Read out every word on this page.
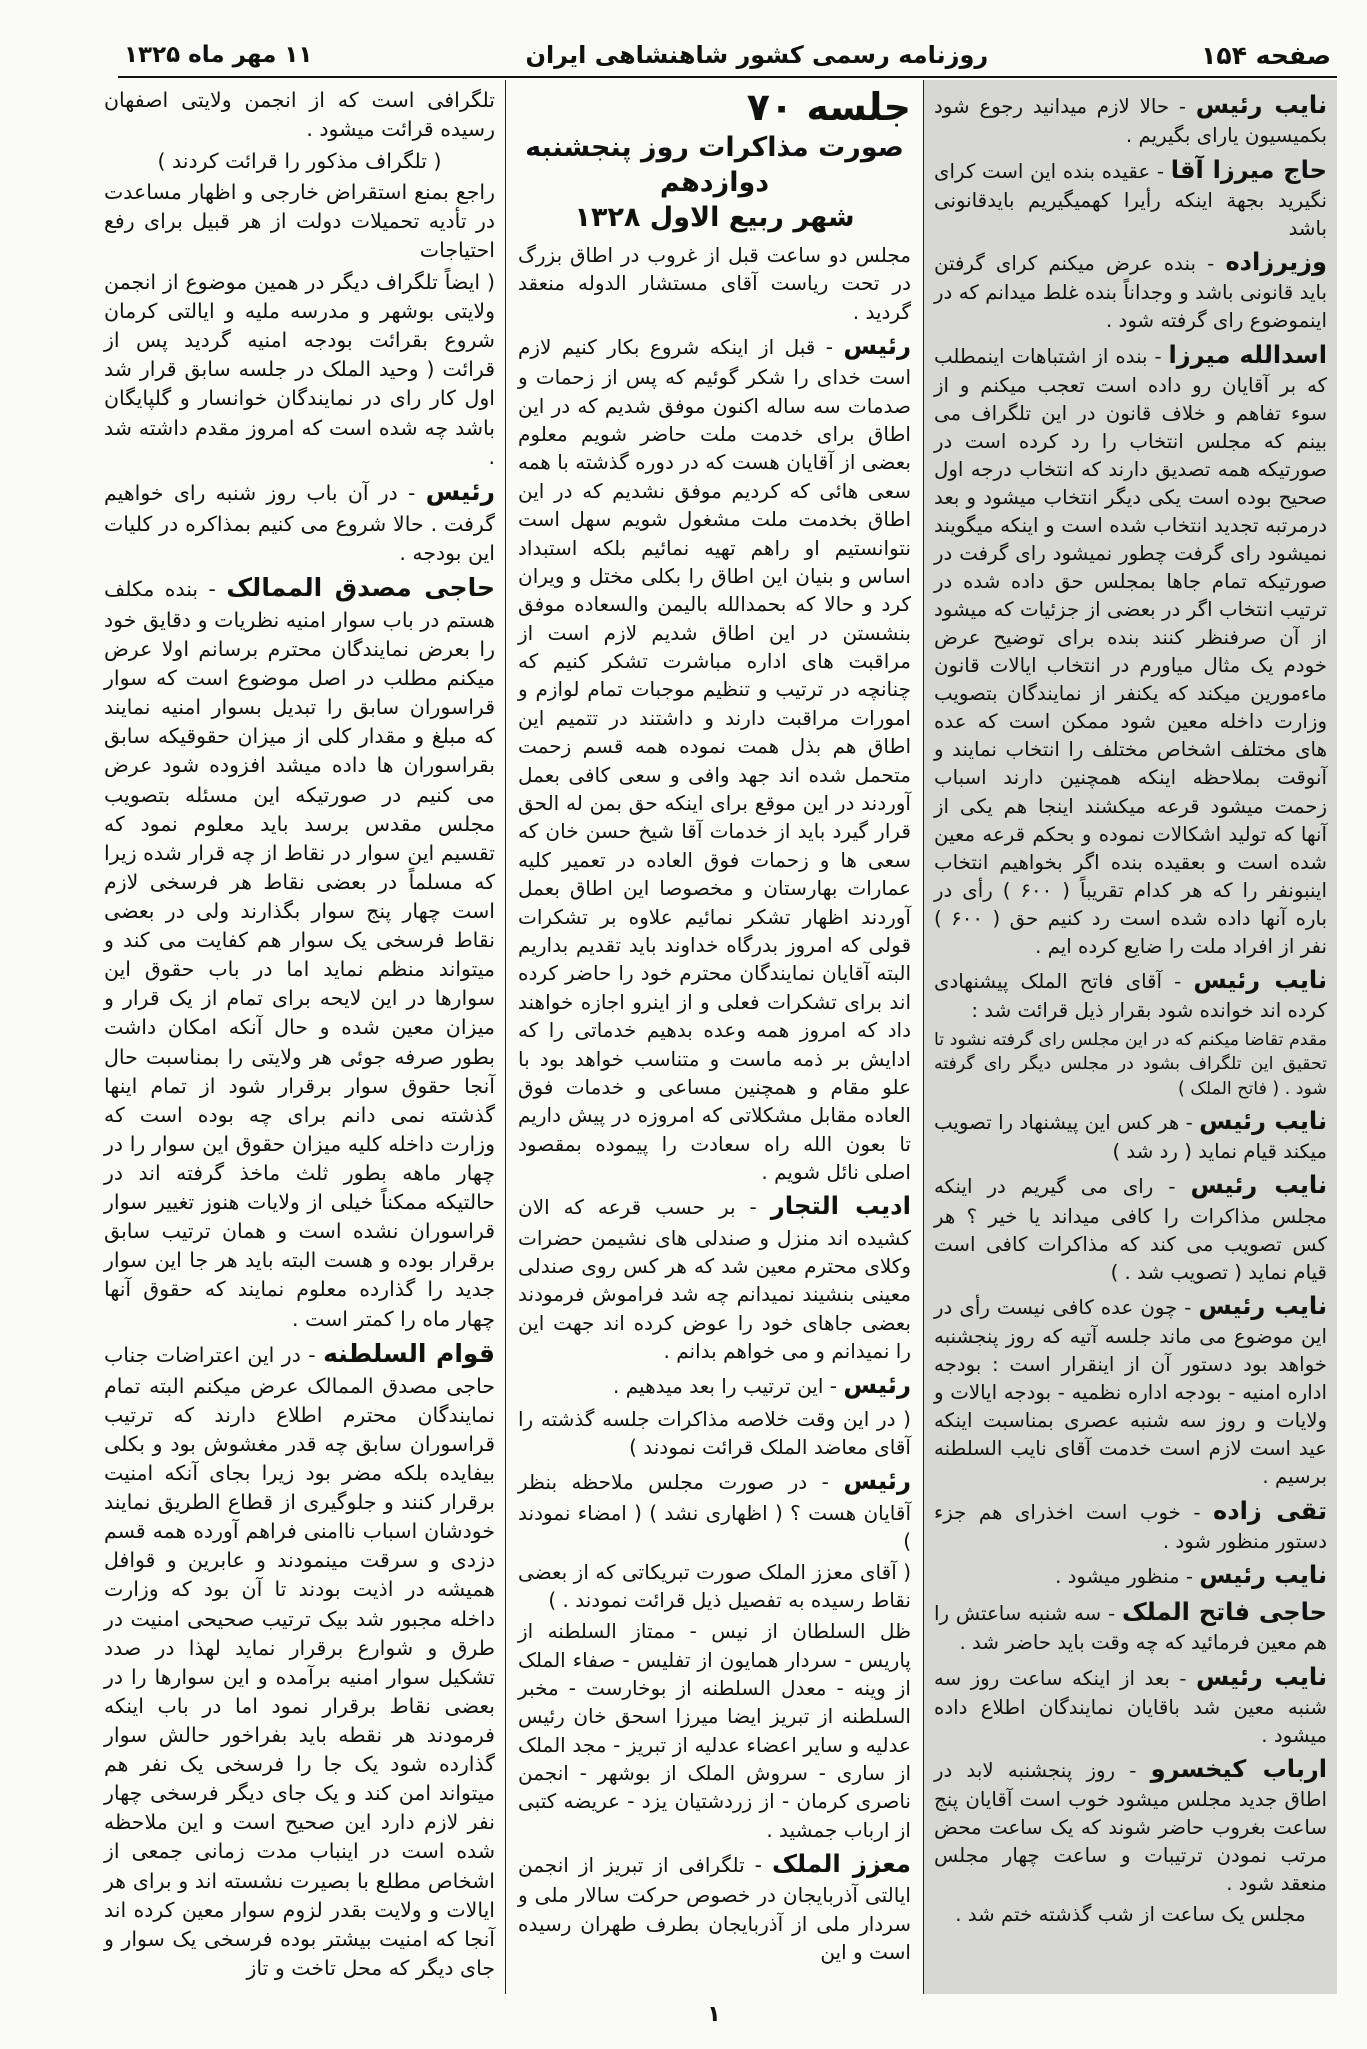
صفحه ۱۵۴
روزنامه رسمی کشور شاهنشاهی ایران
۱۱ مهر ماه ۱۳۲۵

نایب رئیس - حالا لازم میدانید رجوع شود بکمیسیون یارای بگیریم .

حاج میرزا آقا - عقیده بنده این است کرای نگیرید بجهة اینکه رأیرا کهمیگیریم بایدقانونی باشد

وزیرزاده - بنده عرض میکنم کرای گرفتن باید قانونی باشد و وجداناً بنده غلط میدانم که در اینموضوع رای گرفته شود .

اسدالله میرزا - بنده از اشتباهات اینمطلب که بر آقایان رو داده است تعجب میکنم و از سوء تفاهم و خلاف قانون در این تلگراف می بینم که مجلس انتخاب را رد کرده است در صورتیکه همه تصدیق دارند که انتخاب درجه اول صحیح بوده است یکی دیگر انتخاب میشود و بعد درمرتبه تجدید انتخاب شده است و اینکه میگویند نمیشود رای گرفت چطور نمیشود رای گرفت در صورتیکه تمام جاها بمجلس حق داده شده در ترتیب انتخاب اگر در بعضی از جزئیات که میشود از آن صرفنظر کنند بنده برای توضیح عرض خودم یک مثال میاورم در انتخاب ایالات قانون ماءمورین میکند که یکنفر از نمایندگان بتصویب وزارت داخله معین شود ممکن است که عده های مختلف اشخاص مختلف را انتخاب نمایند و آنوقت بملاحظه اینکه همچنین دارند اسباب زحمت میشود قرعه میکشند اینجا هم یکی از آنها که تولید اشکالات نموده و بحکم قرعه معین شده است و بعقیده بنده اگر بخواهیم انتخاب اینبونفر را که هر کدام تقریباً ( ۶۰۰ ) رأی در باره آنها داده شده است رد کنیم حق ( ۶۰۰ ) نفر از افراد ملت را ضایع کرده ایم .

نایب رئیس - آقای فاتح الملک پیشنهادی کرده اند خوانده شود بقرار ذیل قرائت شد :

مقدم تقاضا میکنم که در این مجلس رای گرفته نشود تا تحقیق این تلگراف بشود در مجلس دیگر رای گرفته شود . ( فاتح الملک )

نایب رئیس - هر کس این پیشنهاد را تصویب میکند قیام نماید ( رد شد )

نایب رئیس - رای می گیریم در اینکه مجلس مذاکرات را کافی میداند یا خیر ؟ هر کس تصویب می کند که مذاکرات کافی است قیام نماید ( تصویب شد . )

نایب رئیس - چون عده کافی نیست رأی در این موضوع می ماند جلسه آتیه که روز پنجشنبه خواهد بود دستور آن از اینقرار است : بودجه اداره امنیه - بودجه اداره نظمیه - بودجه ایالات و ولایات و روز سه شنبه عصری بمناسبت اینکه عید است لازم است خدمت آقای نایب السلطنه برسیم .

تقی زاده - خوب است اخذرای هم جزء دستور منظور شود .

نایب رئیس - منظور میشود .

حاجی فاتح الملک - سه شنبه ساعتش را هم معین فرمائید که چه وقت باید حاضر شد .

نایب رئیس - بعد از اینکه ساعت روز سه شنبه معین شد باقایان نمایندگان اطلاع داده میشود .

ارباب کیخسرو - روز پنجشنبه لابد در اطاق جدید مجلس میشود خوب است آقایان پنج ساعت بغروب حاضر شوند که یک ساعت محض مرتب نمودن ترتیبات و ساعت چهار مجلس منعقد شود .

مجلس یک ساعت از شب گذشته ختم شد .

جلسه ۷۰

صورت مذاکرات روز پنجشنبه دوازدهم

شهر ربیع الاول ۱۳۲۸

مجلس دو ساعت قبل از غروب در اطاق بزرگ در تحت ریاست آقای مستشار الدوله منعقد گردید .

رئیس - قبل از اینکه شروع بکار کنیم لازم است خدای را شکر گوئیم که پس از زحمات و صدمات سه ساله اکنون موفق شدیم که در این اطاق برای خدمت ملت حاضر شویم معلوم بعضی از آقایان هست که در دوره گذشته با همه سعی هائی که کردیم موفق نشدیم که در این اطاق بخدمت ملت مشغول شویم سهل است نتوانستیم او راهم تهیه نمائیم بلکه استبداد اساس و بنیان این اطاق را بکلی مختل و ویران کرد و حالا که بحمدالله بالیمن والسعاده موفق بنشستن در این اطاق شدیم لازم است از مراقبت های اداره مباشرت تشکر کنیم که چنانچه در ترتیب و تنظیم موجبات تمام لوازم و امورات مراقبت دارند و داشتند در تتمیم این اطاق هم بذل همت نموده همه قسم زحمت متحمل شده اند جهد وافی و سعی کافی بعمل آوردند در این موقع برای اینکه حق بمن له الحق قرار گیرد باید از خدمات آقا شیخ حسن خان که سعی ها و زحمات فوق العاده در تعمیر کلیه عمارات بهارستان و مخصوصا این اطاق بعمل آوردند اظهار تشکر نمائیم علاوه بر تشکرات قولی که امروز بدرگاه خداوند باید تقدیم بداریم البته آقایان نمایندگان محترم خود را حاضر کرده اند برای تشکرات فعلی و از اینرو اجازه خواهند داد که امروز همه وعده بدهیم خدماتی را که ادایش بر ذمه ماست و متناسب خواهد بود با علو مقام و همچنین مساعی و خدمات فوق العاده مقابل مشکلاتی که امروزه در پیش داریم تا بعون الله راه سعادت را پیموده بمقصود اصلی نائل شویم .

ادیب التجار - بر حسب قرعه که الان کشیده اند منزل و صندلی های نشیمن حضرات وکلای محترم معین شد که هر کس روی صندلی معینی بنشیند نمیدانم چه شد فراموش فرمودند بعضی جاهای خود را عوض کرده اند جهت این را نمیدانم و می خواهم بدانم .

رئیس - این ترتیب را بعد میدهیم .

( در این وقت خلاصه مذاکرات جلسه گذشته را آقای معاضد الملک قرائت نمودند )

رئیس - در صورت مجلس ملاحظه بنظر آقایان هست ؟ ( اظهاری نشد ) ( امضاء نمودند )

( آقای معزز الملک صورت تبریکاتی که از بعضی نقاط رسیده به تفصیل ذیل قرائت نمودند . )

ظل السلطان از نیس - ممتاز السلطنه از پاریس - سردار همایون از تفلیس - صفاء الملک از وینه - معدل السلطنه از بوخارست - مخبر السلطنه از تبریز ایضا میرزا اسحق خان رئیس عدلیه و سایر اعضاء عدلیه از تبریز - مجد الملک از ساری - سروش الملک از بوشهر - انجمن ناصری کرمان - از زردشتیان یزد - عریضه کتبی از ارباب جمشید .

معزز الملک - تلگرافی از تبریز از انجمن ایالتی آذربایجان در خصوص حرکت سالار ملی و سردار ملی از آذربایجان بطرف طهران رسیده است و این

تلگرافی است که از انجمن ولایتی اصفهان رسیده قرائت میشود .

( تلگراف مذکور را قرائت کردند )

راجع بمنع استقراض خارجی و اظهار مساعدت در تأدیه تحمیلات دولت از هر قبیل برای رفع احتیاجات

( ایضاً تلگراف دیگر در همین موضوع از انجمن ولایتی بوشهر و مدرسه ملیه و ایالتی کرمان شروع بقرائت بودجه امنیه گردید پس از قرائت ( وحید الملک در جلسه سابق قرار شد اول کار رای در نمایندگان خوانسار و گلپایگان باشد چه شده است که امروز مقدم داشته شد .

رئیس - در آن باب روز شنبه رای خواهیم گرفت . حالا شروع می کنیم بمذاکره در کلیات این بودجه .

حاجی مصدق الممالک - بنده مکلف هستم در باب سوار امنیه نظریات و دقایق خود را بعرض نمایندگان محترم برسانم اولا عرض میکنم مطلب در اصل موضوع است که سوار قراسوران سابق را تبدیل بسوار امنیه نمایند که مبلغ و مقدار کلی از میزان حقوقیکه سابق بقراسوران ها داده میشد افزوده شود عرض می کنیم در صورتیکه این مسئله بتصویب مجلس مقدس برسد باید معلوم نمود که تقسیم این سوار در نقاط از چه قرار شده زیرا که مسلماً در بعضی نقاط هر فرسخی لازم است چهار پنج سوار بگذارند ولی در بعضی نقاط فرسخی یک سوار هم کفایت می کند و میتواند منظم نماید اما در باب حقوق این سوارها در این لایحه برای تمام از یک قرار و میزان معین شده و حال آنکه امکان داشت بطور صرفه جوئی هر ولایتی را بمناسبت حال آنجا حقوق سوار برقرار شود از تمام اینها گذشته نمی دانم برای چه بوده است که وزارت داخله کلیه میزان حقوق این سوار را در چهار ماهه بطور ثلث ماخذ گرفته اند در حالتیکه ممکناً خیلی از ولایات هنوز تغییر سوار قراسوران نشده است و همان ترتیب سابق برقرار بوده و هست البته باید هر جا این سوار جدید را گذارده معلوم نمایند که حقوق آنها چهار ماه را کمتر است .

قوام السلطنه - در این اعتراضات جناب حاجی مصدق الممالک عرض میکنم البته تمام نمایندگان محترم اطلاع دارند که ترتیب قراسوران سابق چه قدر مغشوش بود و بکلی بیفایده بلکه مضر بود زیرا بجای آنکه امنیت برقرار کنند و جلوگیری از قطاع الطریق نمایند خودشان اسباب ناامنی فراهم آورده همه قسم دزدی و سرقت مینمودند و عابرین و قوافل همیشه در اذیت بودند تا آن بود که وزارت داخله مجبور شد بیک ترتیب صحیحی امنیت در طرق و شوارع برقرار نماید لهذا در صدد تشکیل سوار امنیه برآمده و این سوارها را در بعضی نقاط برقرار نمود اما در باب اینکه فرمودند هر نقطه باید بفراخور حالش سوار گذارده شود یک جا را فرسخی یک نفر هم میتواند امن کند و یک جای دیگر فرسخی چهار نفر لازم دارد این صحیح است و این ملاحظه شده است در اینباب مدت زمانی جمعی از اشخاص مطلع با بصیرت نشسته اند و برای هر ایالات و ولایت بقدر لزوم سوار معین کرده اند آنجا که امنیت بیشتر بوده فرسخی یک سوار و جای دیگر که محل تاخت و تاز

۱
